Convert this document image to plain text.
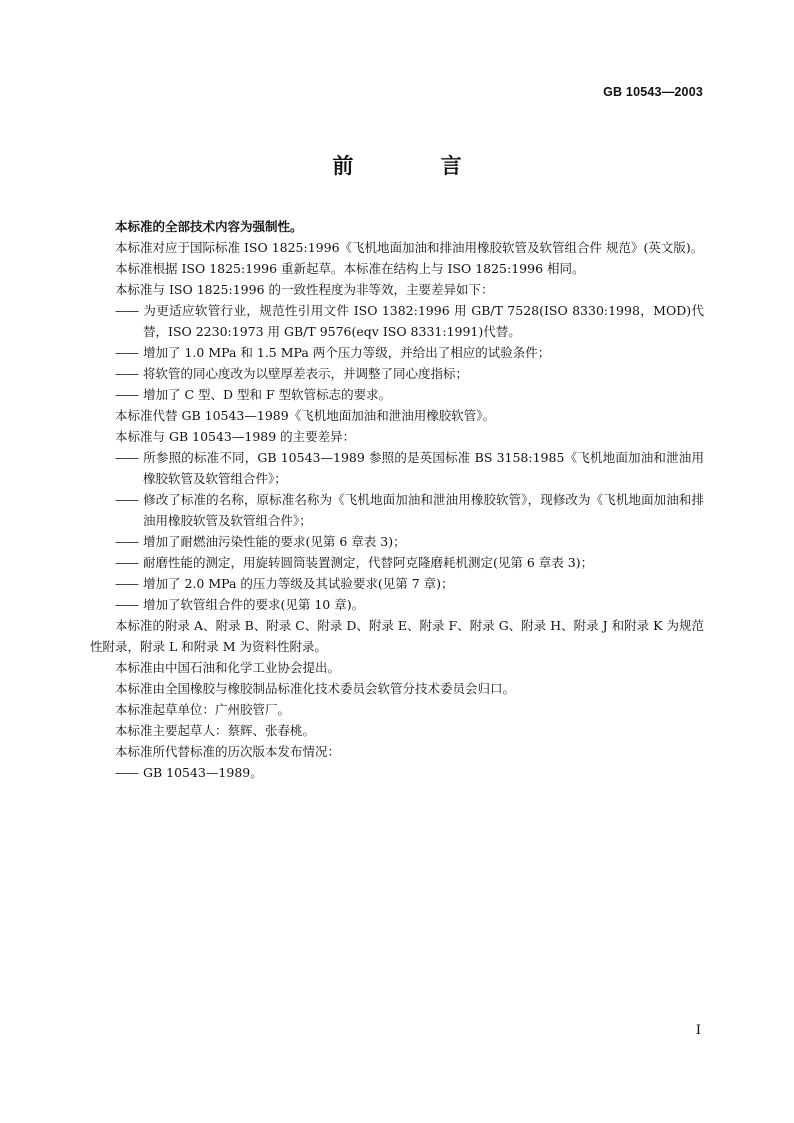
GB 10543—2003
前 言

本标准的全部技术内容为强制性。

本标准对应于国际标准 ISO 1825:1996《飞机地面加油和排油用橡胶软管及软管组合件 规范》(英文版)。

本标准根据 ISO 1825:1996 重新起草。本标准在结构上与 ISO 1825:1996 相同。

本标准与 ISO 1825:1996 的一致性程度为非等效，主要差异如下：

—— 为更适应软管行业，规范性引用文件 ISO 1382:1996 用 GB/T 7528(ISO 8330:1998，MOD)代替，ISO 2230:1973 用 GB/T 9576(eqv ISO 8331:1991)代替。

—— 增加了 1.0 MPa 和 1.5 MPa 两个压力等级，并给出了相应的试验条件；

—— 将软管的同心度改为以壁厚差表示，并调整了同心度指标；

—— 增加了 C 型、D 型和 F 型软管标志的要求。

本标准代替 GB 10543—1989《飞机地面加油和泄油用橡胶软管》。

本标准与 GB 10543—1989 的主要差异：

—— 所参照的标准不同，GB 10543—1989 参照的是英国标准 BS 3158:1985《飞机地面加油和泄油用橡胶软管及软管组合件》；

—— 修改了标准的名称，原标准名称为《飞机地面加油和泄油用橡胶软管》，现修改为《飞机地面加油和排油用橡胶软管及软管组合件》；

—— 增加了耐燃油污染性能的要求(见第 6 章表 3)；

—— 耐磨性能的测定，用旋转圆筒装置测定，代替阿克隆磨耗机测定(见第 6 章表 3)；

—— 增加了 2.0 MPa 的压力等级及其试验要求(见第 7 章)；

—— 增加了软管组合件的要求(见第 10 章)。

本标准的附录 A、附录 B、附录 C、附录 D、附录 E、附录 F、附录 G、附录 H、附录 J 和附录 K 为规范性附录，附录 L 和附录 M 为资料性附录。

本标准由中国石油和化学工业协会提出。

本标准由全国橡胶与橡胶制品标准化技术委员会软管分技术委员会归口。

本标准起草单位：广州胶管厂。

本标准主要起草人：蔡辉、张春桃。

本标准所代替标准的历次版本发布情况：

—— GB 10543—1989。

I
